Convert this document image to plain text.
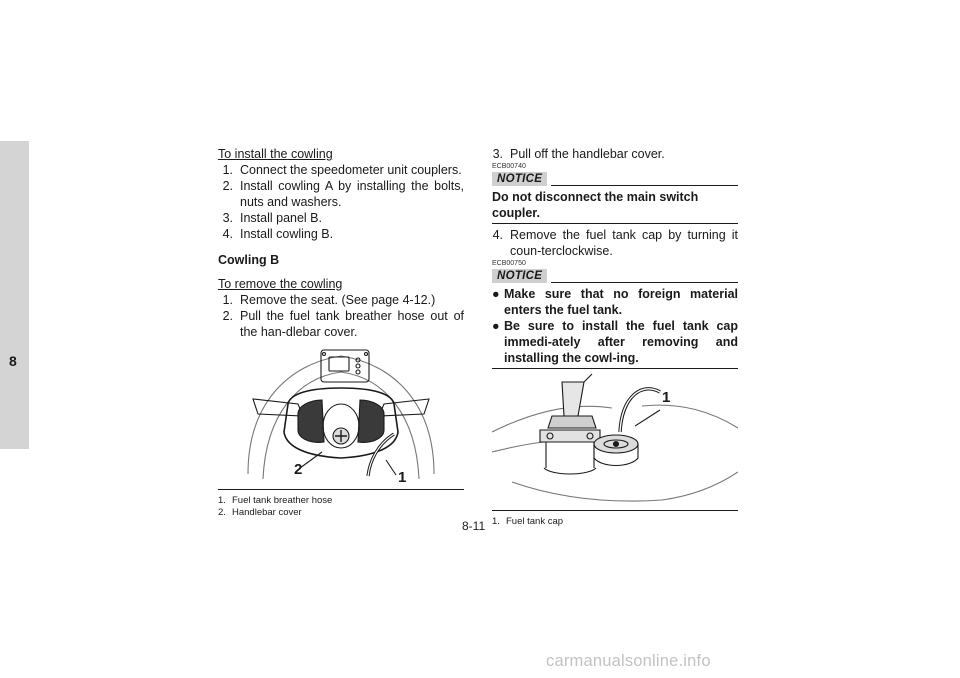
8
To install the cowling
1. Connect the speedometer unit couplers.
2. Install cowling A by installing the bolts, nuts and washers.
3. Install panel B.
4. Install cowling B.
Cowling B
To remove the cowling
1. Remove the seat. (See page 4-12.)
2. Pull the fuel tank breather hose out of the han-dlebar cover.
2	1
1. Fuel tank breather hose
2. Handlebar cover
3. Pull off the handlebar cover.
ECB00740
NOTICE
Do not disconnect the main switch coupler.
4. Remove the fuel tank cap by turning it coun-terclockwise.
ECB00750
NOTICE
● Make sure that no foreign material enters the fuel tank.
● Be sure to install the fuel tank cap immedi-ately after removing and installing the cowl-ing.
1
1. Fuel tank cap
8-11
carmanualsonline.info
